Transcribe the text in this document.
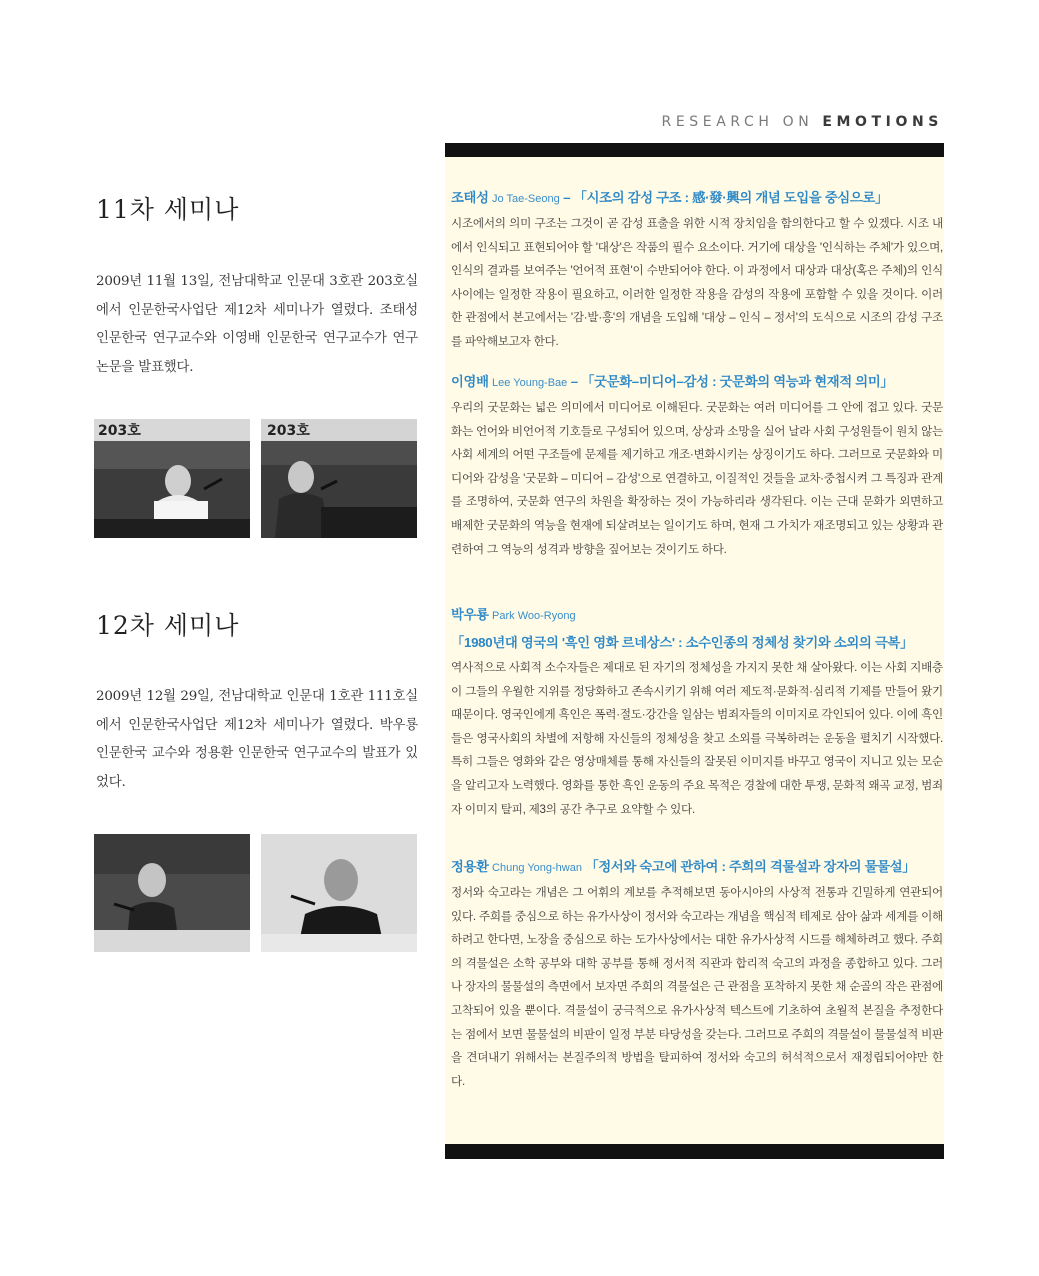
RESEARCH ON EMOTIONS
11차 세미나

2009년 11월 13일, 전남대학교 인문대 3호관 203호실에서 인문한국사업단 제12차 세미나가 열렸다. 조태성 인문한국 연구교수와 이영배 인문한국 연구교수가 연구논문을 발표했다.

203호	203호
12차 세미나

2009년 12월 29일, 전남대학교 인문대 1호관 111호실에서 인문한국사업단 제12차 세미나가 열렸다. 박우룡 인문한국 교수와 정용환 인문한국 연구교수의 발표가 있었다.

조태성 Jo Tae-Seong – 「시조의 감성 구조 : 感·發·興의 개념 도입을 중심으로」

시조에서의 의미 구조는 그것이 곧 감성 표출을 위한 시적 장치임을 함의한다고 할 수 있겠다. 시조 내에서 인식되고 표현되어야 할 '대상'은 작품의 필수 요소이다. 거기에 대상을 '인식하는 주체'가 있으며, 인식의 결과를 보여주는 '언어적 표현'이 수반되어야 한다. 이 과정에서 대상과 대상(혹은 주체)의 인식 사이에는 일정한 작용이 필요하고, 이러한 일정한 작용을 감성의 작용에 포함할 수 있을 것이다. 이러한 관점에서 본고에서는 '감·발·흥'의 개념을 도입해 '대상 – 인식 – 정서'의 도식으로 시조의 감성 구조를 파악해보고자 한다.

이영배 Lee Young-Bae – 「굿문화–미디어–감성 : 굿문화의 역능과 현재적 의미」

우리의 굿문화는 넓은 의미에서 미디어로 이해된다. 굿문화는 여러 미디어를 그 안에 접고 있다. 굿문화는 언어와 비언어적 기호들로 구성되어 있으며, 상상과 소망을 실어 날라 사회 구성원들이 원치 않는 사회 세계의 어떤 구조들에 문제를 제기하고 개조·변화시키는 상징이기도 하다. 그러므로 굿문화와 미디어와 감성을 '굿문화 – 미디어 – 감성'으로 연결하고, 이질적인 것들을 교차·중첩시켜 그 특징과 관계를 조명하여, 굿문화 연구의 차원을 확장하는 것이 가능하리라 생각된다. 이는 근대 문화가 외면하고 배제한 굿문화의 역능을 현재에 되살려보는 일이기도 하며, 현재 그 가치가 재조명되고 있는 상황과 관련하여 그 역능의 성격과 방향을 짚어보는 것이기도 하다.

박우룡 Park Woo-Ryong
「1980년대 영국의 '흑인 영화 르네상스' : 소수인종의 정체성 찾기와 소외의 극복」

역사적으로 사회적 소수자들은 제대로 된 자기의 정체성을 가지지 못한 채 살아왔다. 이는 사회 지배층이 그들의 우월한 지위를 정당화하고 존속시키기 위해 여러 제도적·문화적·심리적 기제를 만들어 왔기 때문이다. 영국인에게 흑인은 폭력·절도·강간을 일삼는 범죄자들의 이미지로 각인되어 있다. 이에 흑인들은 영국사회의 차별에 저항해 자신들의 정체성을 찾고 소외를 극복하려는 운동을 펼치기 시작했다. 특히 그들은 영화와 같은 영상매체를 통해 자신들의 잘못된 이미지를 바꾸고 영국이 지니고 있는 모순을 알리고자 노력했다. 영화를 통한 흑인 운동의 주요 목적은 경찰에 대한 투쟁, 문화적 왜곡 교정, 범죄자 이미지 탈피, 제3의 공간 추구로 요약할 수 있다.

정용환 Chung Yong-hwan 「정서와 숙고에 관하여 : 주희의 격물설과 장자의 물물설」

정서와 숙고라는 개념은 그 어휘의 계보를 추적해보면 동아시아의 사상적 전통과 긴밀하게 연관되어 있다. 주희를 중심으로 하는 유가사상이 정서와 숙고라는 개념을 핵심적 테제로 삼아 삶과 세계를 이해하려고 한다면, 노장을 중심으로 하는 도가사상에서는 대한 유가사상적 시드를 해체하려고 했다. 주희의 격물설은 소학 공부와 대학 공부를 통해 정서적 직관과 합리적 숙고의 과정을 종합하고 있다. 그러나 장자의 물물설의 측면에서 보자면 주희의 격물설은 근 관점을 포착하지 못한 채 순골의 작은 관점에 고착되어 있을 뿐이다. 격물설이 궁극적으로 유가사상적 텍스트에 기초하여 초월적 본질을 추정한다는 점에서 보면 물물설의 비판이 일정 부분 타당성을 갖는다. 그러므로 주희의 격물설이 물물설적 비판을 견뎌내기 위해서는 본질주의적 방법을 탈피하여 정서와 숙고의 허석적으로서 재정립되어야만 한다.
